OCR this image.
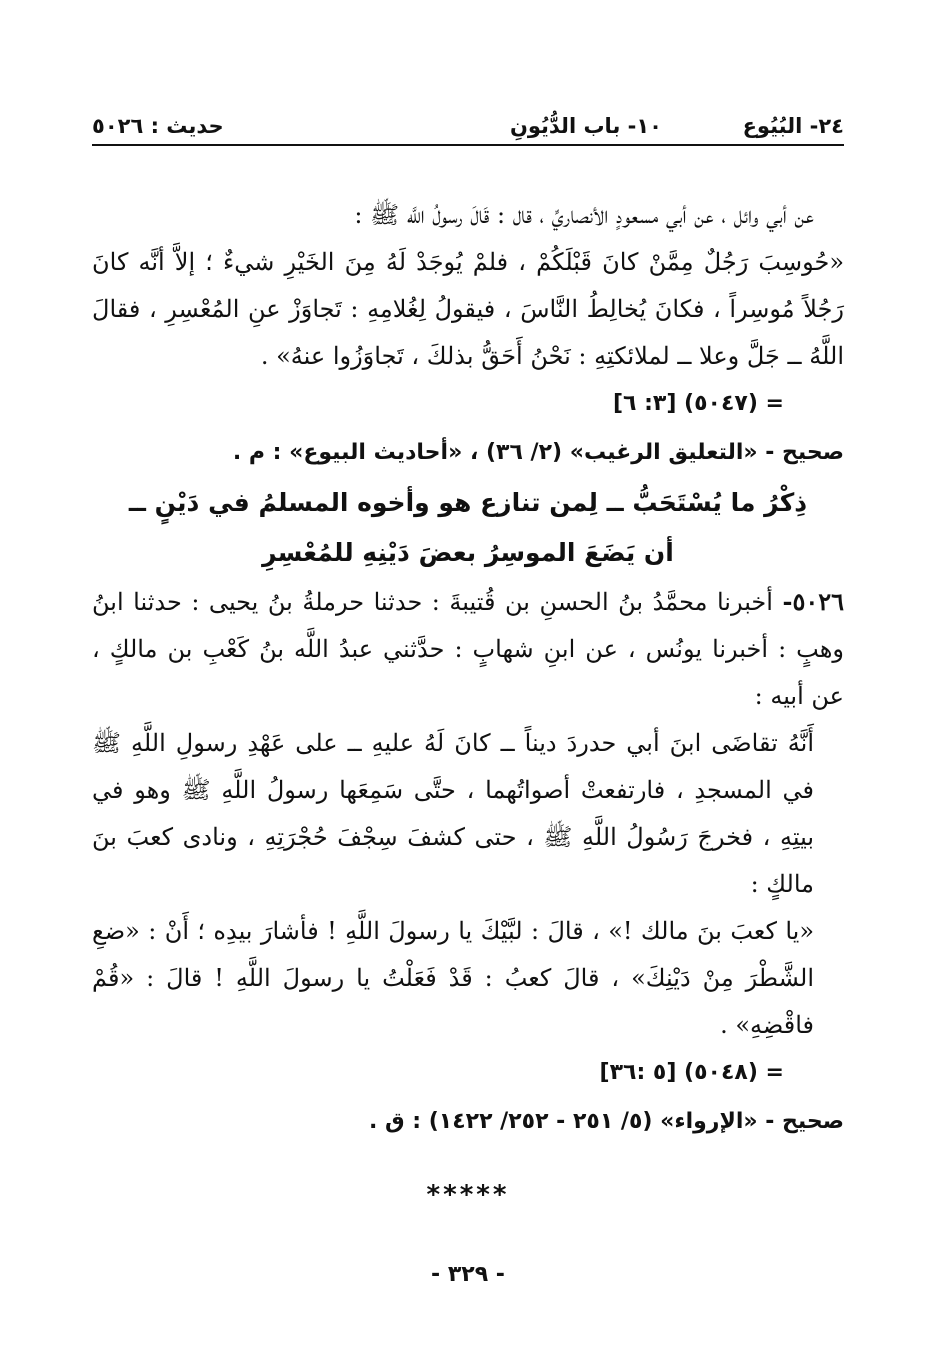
٢٤- البُيُوع
١٠- باب الدُّيُونِ
حديث : ٥٠٢٦

عن أبي وائل ، عن أبي مسعودٍ الأنصاريِّ ، قال : قَالَ رسولُ اللَّه ﷺ :

«حُوسِبَ رَجُلٌ مِمَّنْ كانَ قَبْلَكُمْ ، فلمْ يُوجَدْ لَهُ مِنَ الخَيْرِ شيءٌ ؛ إلاَّ أنَّه كانَ رَجُلاً مُوسِراً ، فكانَ يُخالِطُ النَّاسَ ، فيقولُ لِغُلامِهِ : تَجاوَزْ عنِ المُعْسِرِ ، فقالَ اللَّهُ ــ جَلَّ وعلا ــ لملائكتِهِ : نَحْنُ أَحَقُّ بذلكَ ، تَجاوَزُوا عنهُ» .

= (٥٠٤٧) [٣: ٦]

صحيح - «التعليق الرغيب» (٢/ ٣٦) ، «أحاديث البيوع» : م .

ذِكْرُ ما يُسْتَحَبُّ ــ لِمن تنازع هو وأخوه المسلمُ في دَيْنٍ ــ

أن يَضَعَ الموسِرُ بعضَ دَيْنِهِ للمُعْسِرِ

٥٠٢٦- أخبرنا محمَّدُ بنُ الحسنِ بن قُتيبةَ : حدثنا حرملةُ بنُ يحيى : حدثنا ابنُ وهبٍ : أخبرنا يونُس ، عن ابنِ شهابٍ : حدَّثني عبدُ اللَّه بنُ كَعْبِ بن مالكٍ ، عن أبيه :

أَنَّهُ تقاضَى ابنَ أبي حدردَ ديناً ــ كانَ لَهُ عليهِ ــ على عَهْدِ رسولِ اللَّهِ ﷺ في المسجدِ ، فارتفعتْ أصواتُهما ، حتَّى سَمِعَها رسولُ اللَّهِ ﷺ وهو في بيتِهِ ، فخرجَ رَسُولُ اللَّهِ ﷺ ، حتى كشفَ سِجْفَ حُجْرَتِهِ ، ونادى كعبَ بنَ مالكٍ :

«يا كعبَ بنَ مالك !» ، قالَ : لبَّيْكَ يا رسولَ اللَّهِ ! فأشارَ بيدِه ؛ أَنْ : «ضعِ الشَّطْرَ مِنْ دَيْنِكَ» ، قالَ كعبُ : قَدْ فَعَلْتُ يا رسولَ اللَّهِ ! قالَ : «قُمْ فاقْضِهِ» .

= (٥٠٤٨) [٥ :٣٦]

صحيح - «الإرواء» (٥/ ٢٥١ - ٢٥٢/ ١٤٢٢) : ق .

*****

- ٣٢٩ -
